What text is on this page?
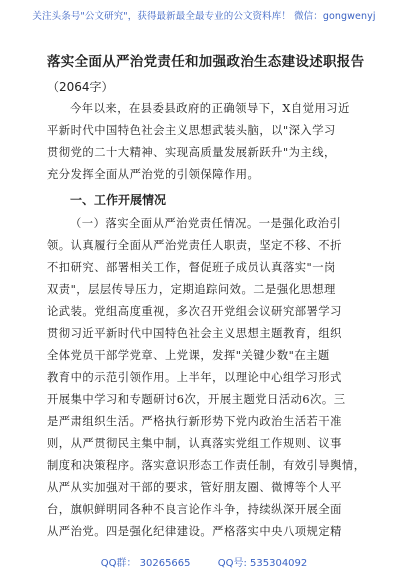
关注头条号"公文研究"，获得最新最全最专业的公文资料库！ 微信：gongwenyj
落实全面从严治党责任和加强政治生态建设述职报告
（2064字）
今年以来，在县委县政府的正确领导下，X自觉用习近
平新时代中国特色社会主义思想武装头脑，以"深入学习
贯彻党的二十大精神、实现高质量发展新跃升"为主线，
充分发挥全面从严治党的引领保障作用。
一、工作开展情况
（一）落实全面从严治党责任情况。一是强化政治引
领。认真履行全面从严治党责任人职责，坚定不移、不折
不扣研究、部署相关工作，督促班子成员认真落实"一岗
双责"，层层传导压力，定期追踪问效。二是强化思想理
论武装。党组高度重视，多次召开党组会议研究部署学习
贯彻习近平新时代中国特色社会主义思想主题教育，组织
全体党员干部学党章、上党课，发挥"关键少数"在主题
教育中的示范引领作用。上半年，以理论中心组学习形式
开展集中学习和专题研讨6次，开展主题党日活动6次。三
是严肃组织生活。严格执行新形势下党内政治生活若干准
则，从严贯彻民主集中制，认真落实党组工作规则、议事
制度和决策程序。落实意识形态工作责任制，有效引导舆情，
从严从实加强对干部的要求，管好朋友圈、微博等个人平
台，旗帜鲜明同各种不良言论作斗争，持续纵深开展全面
从严治党。四是强化纪律建设。严格落实中央八项规定精
QQ群： 30265665	QQ号: 535304092
